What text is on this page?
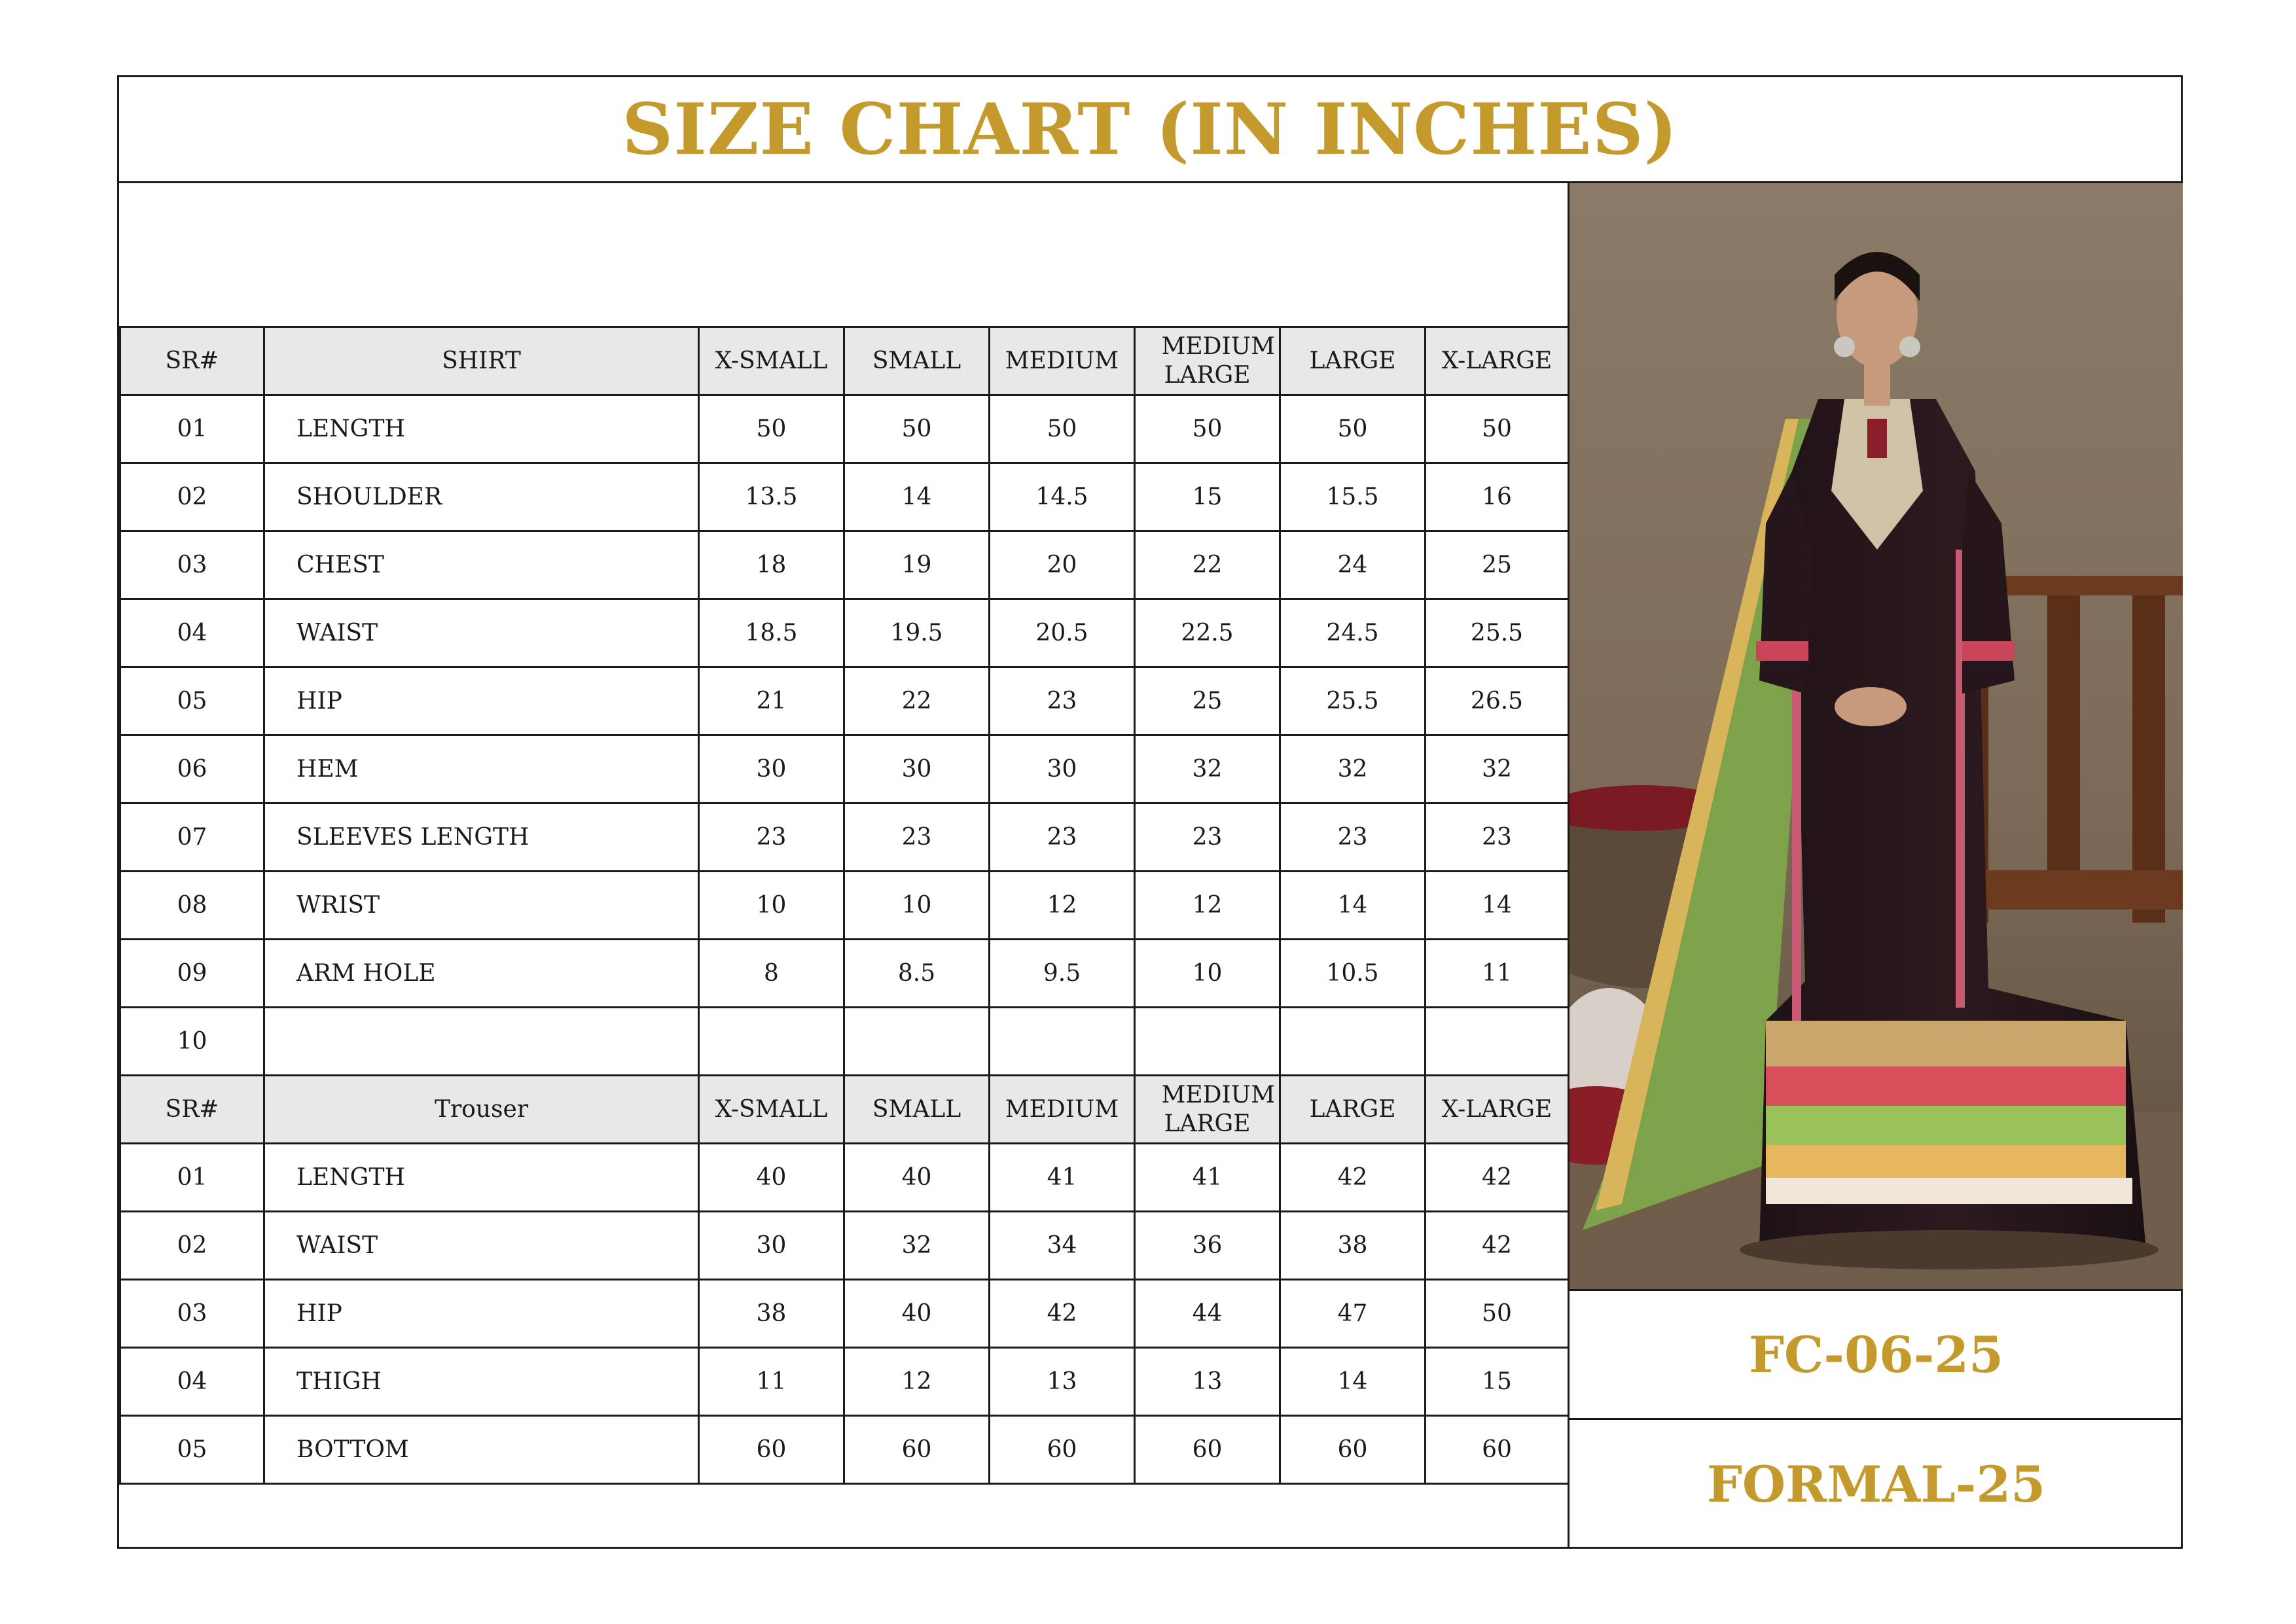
SIZE CHART (IN INCHES)
SR#	SHIRT	X-SMALL	SMALL	MEDIUM	MEDIUM LARGE	LARGE	X-LARGE
01	LENGTH	50	50	50	50	50	50
02	SHOULDER	13.5	14	14.5	15	15.5	16
03	CHEST	18	19	20	22	24	25
04	WAIST	18.5	19.5	20.5	22.5	24.5	25.5
05	HIP	21	22	23	25	25.5	26.5
06	HEM	30	30	30	32	32	32
07	SLEEVES LENGTH	23	23	23	23	23	23
08	WRIST	10	10	12	12	14	14
09	ARM HOLE	8	8.5	9.5	10	10.5	11
10							
SR#	Trouser	X-SMALL	SMALL	MEDIUM	MEDIUM LARGE	LARGE	X-LARGE
01	LENGTH	40	40	41	41	42	42
02	WAIST	30	32	34	36	38	42
03	HIP	38	40	42	44	47	50
04	THIGH	11	12	13	13	14	15
05	BOTTOM	60	60	60	60	60	60
FC-06-25
FORMAL-25
